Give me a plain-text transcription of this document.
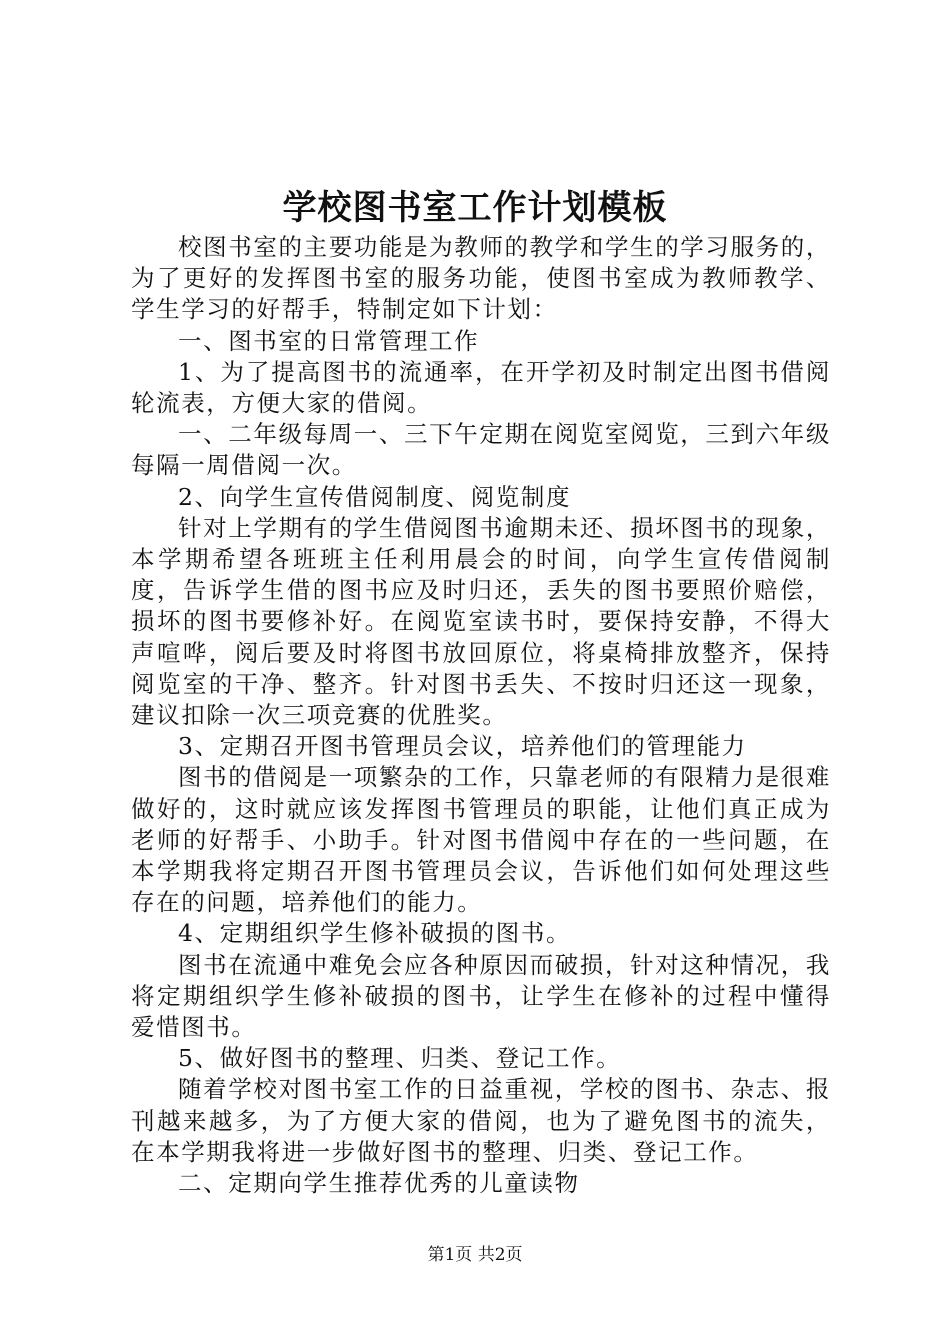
学校图书室工作计划模板

校图书室的主要功能是为教师的教学和学生的学习服务的，为了更好的发挥图书室的服务功能，使图书室成为教师教学、学生学习的好帮手，特制定如下计划：

一、图书室的日常管理工作

1、为了提高图书的流通率，在开学初及时制定出图书借阅轮流表，方便大家的借阅。

一、二年级每周一、三下午定期在阅览室阅览，三到六年级每隔一周借阅一次。

2、向学生宣传借阅制度、阅览制度

针对上学期有的学生借阅图书逾期未还、损坏图书的现象，本学期希望各班班主任利用晨会的时间，向学生宣传借阅制度，告诉学生借的图书应及时归还，丢失的图书要照价赔偿，损坏的图书要修补好。在阅览室读书时，要保持安静，不得大声喧哗，阅后要及时将图书放回原位，将桌椅排放整齐，保持阅览室的干净、整齐。针对图书丢失、不按时归还这一现象，建议扣除一次三项竞赛的优胜奖。

3、定期召开图书管理员会议，培养他们的管理能力

图书的借阅是一项繁杂的工作，只靠老师的有限精力是很难做好的，这时就应该发挥图书管理员的职能，让他们真正成为老师的好帮手、小助手。针对图书借阅中存在的一些问题，在本学期我将定期召开图书管理员会议，告诉他们如何处理这些存在的问题，培养他们的能力。

4、定期组织学生修补破损的图书。

图书在流通中难免会应各种原因而破损，针对这种情况，我将定期组织学生修补破损的图书，让学生在修补的过程中懂得爱惜图书。

5、做好图书的整理、归类、登记工作。

随着学校对图书室工作的日益重视，学校的图书、杂志、报刊越来越多，为了方便大家的借阅，也为了避免图书的流失，在本学期我将进一步做好图书的整理、归类、登记工作。

二、定期向学生推荐优秀的儿童读物

第1页 共2页
